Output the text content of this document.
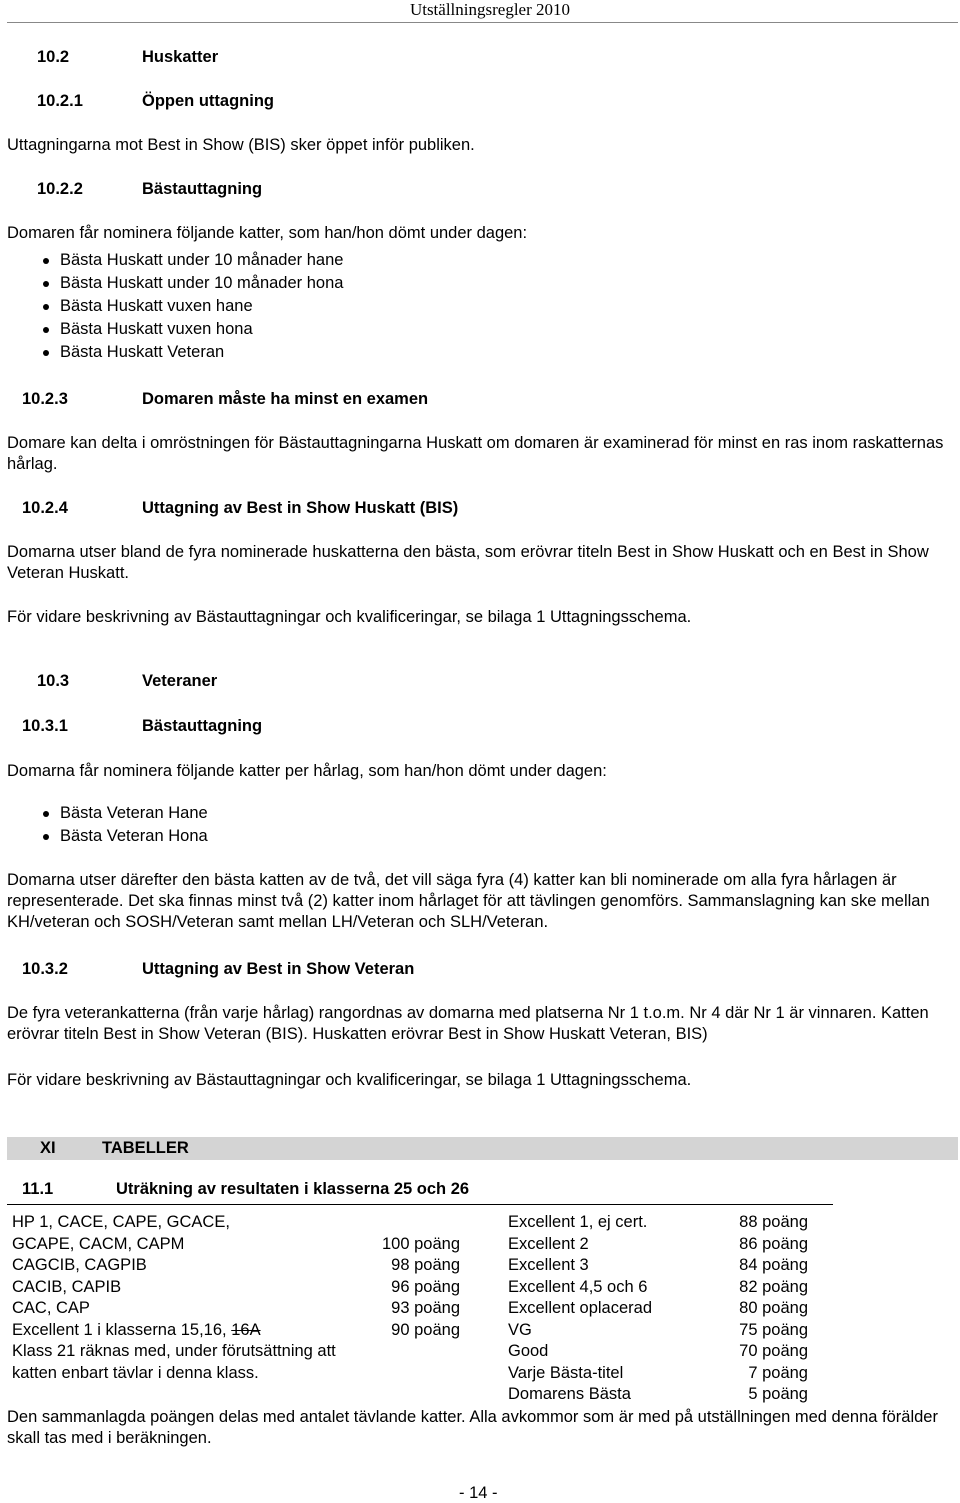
Utställningsregler 2010
10.2	Huskatter
10.2.1	Öppen uttagning
Uttagningarna mot Best in Show (BIS) sker öppet inför publiken.
10.2.2	Bästauttagning
Domaren får nominera följande katter, som han/hon dömt under dagen:
Bästa Huskatt under 10 månader hane
Bästa Huskatt under 10 månader hona
Bästa Huskatt vuxen hane
Bästa Huskatt vuxen hona
Bästa Huskatt Veteran
10.2.3	Domaren måste ha minst en examen
Domare kan delta i omröstningen för Bästauttagningarna Huskatt om domaren är examinerad för minst en ras inom raskatternas hårlag.
10.2.4	Uttagning av Best in Show Huskatt (BIS)
Domarna utser bland de fyra nominerade huskatterna den bästa, som erövrar titeln Best in Show Huskatt och en Best in Show Veteran Huskatt.
För vidare beskrivning av Bästauttagningar och kvalificeringar, se bilaga 1 Uttagningsschema.
10.3	Veteraner
10.3.1	Bästauttagning
Domarna får nominera följande katter per hårlag, som han/hon dömt under dagen:
Bästa Veteran Hane
Bästa Veteran Hona
Domarna utser därefter den bästa katten av de två, det vill säga fyra (4) katter kan bli nominerade om alla fyra hårlagen är representerade. Det ska finnas minst två (2) katter inom hårlaget för att tävlingen genomförs. Sammanslagning kan ske mellan KH/veteran och SOSH/Veteran samt mellan LH/Veteran och SLH/Veteran.
10.3.2	Uttagning av Best in Show Veteran
De fyra veterankatterna (från varje hårlag) rangordnas av domarna med platserna Nr 1 t.o.m. Nr 4 där Nr 1 är vinnaren. Katten erövrar titeln Best in Show Veteran (BIS). Huskatten erövrar Best in Show Huskatt Veteran, BIS)
För vidare beskrivning av Bästauttagningar och kvalificeringar, se bilaga 1 Uttagningsschema.
XI	TABELLER
11.1	Uträkning av resultaten i klasserna 25 och 26
HP 1, CACE, CAPE, GCACE,
GCAPE, CACM, CAPM	100 poäng
CAGCIB, CAGPIB	98 poäng
CACIB, CAPIB	96 poäng
CAC, CAP	93 poäng
Excellent 1 i klasserna 15,16, 16A	90 poäng
Klass 21 räknas med, under förutsättning att
katten enbart tävlar i denna klass.
Excellent 1, ej cert.	88 poäng
Excellent 2	86 poäng
Excellent 3	84 poäng
Excellent 4,5 och 6	82 poäng
Excellent oplacerad	80 poäng
VG	75 poäng
Good	70 poäng
Varje Bästa-titel	7 poäng
Domarens Bästa	5 poäng
Den sammanlagda poängen delas med antalet tävlande katter. Alla avkommor som är med på utställningen med denna förälder skall tas med i beräkningen.
- 14 -
